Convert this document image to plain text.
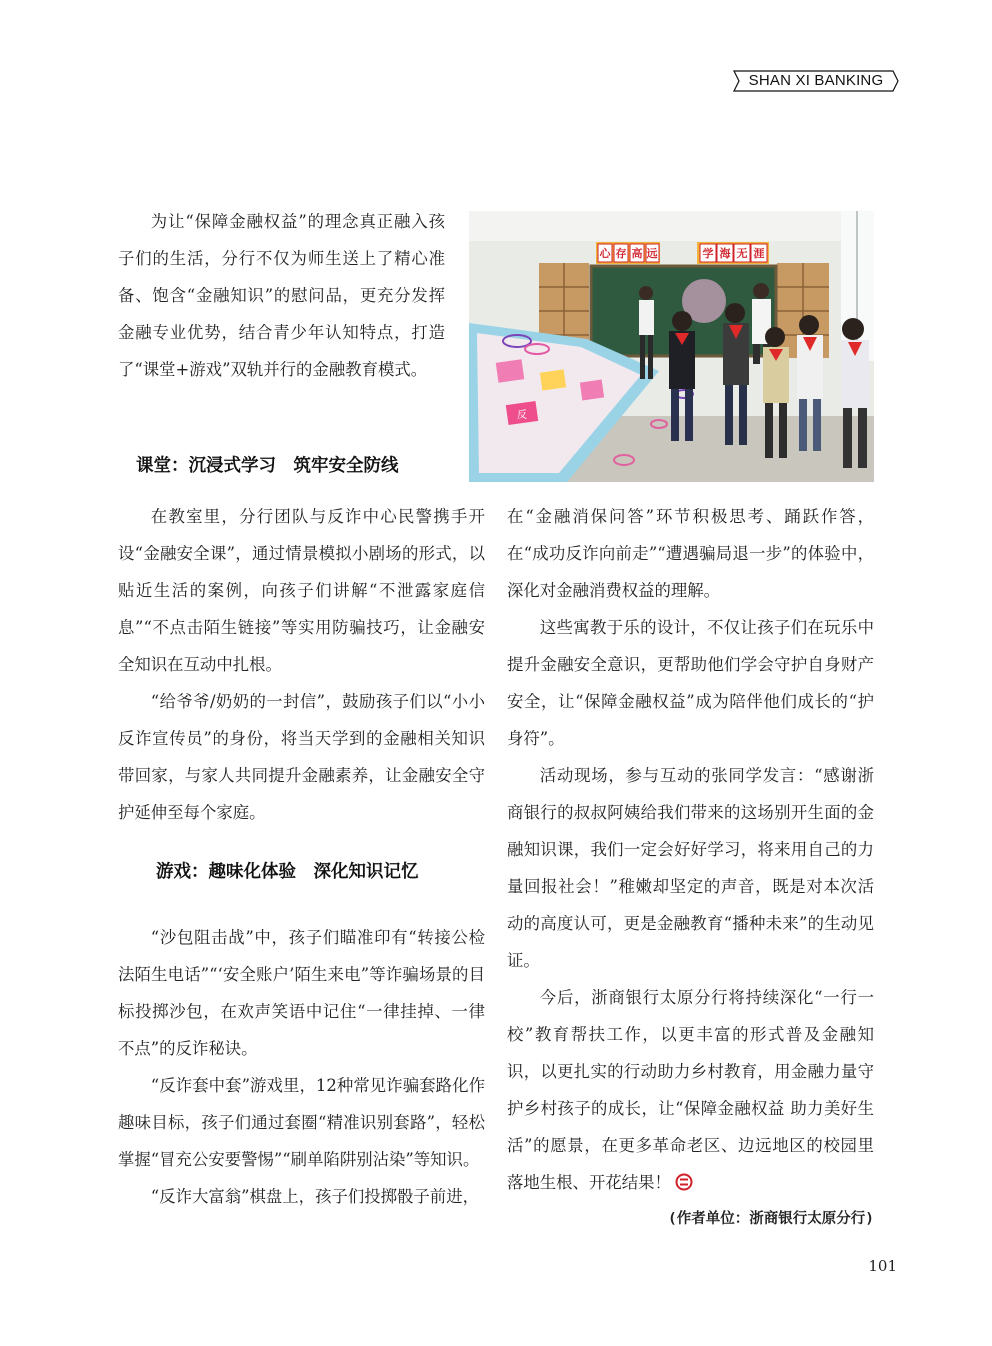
SHAN XI BANKING

为让“保障金融权益”的理念真正融入孩子们的生活，分行不仅为师生送上了精心准备、饱含“金融知识”的慰问品，更充分发挥金融专业优势，结合青少年认知特点，打造了“课堂+游戏”双轨并行的金融教育模式。

心 存 高 远	学 海 无 涯
反
课堂：沉浸式学习　筑牢安全防线

在教室里，分行团队与反诈中心民警携手开设“金融安全课”，通过情景模拟小剧场的形式，以贴近生活的案例，向孩子们讲解“不泄露家庭信息”“不点击陌生链接”等实用防骗技巧，让金融安全知识在互动中扎根。

“给爷爷/奶奶的一封信”，鼓励孩子们以“小小反诈宣传员”的身份，将当天学到的金融相关知识带回家，与家人共同提升金融素养，让金融安全守护延伸至每个家庭。

“沙包阻击战”中，孩子们瞄准印有“转接公检法陌生电话”“‘安全账户’陌生来电”等诈骗场景的目标投掷沙包，在欢声笑语中记住“一律挂掉、一律不点”的反诈秘诀。

“反诈套中套”游戏里，12种常见诈骗套路化作趣味目标，孩子们通过套圈“精准识别套路”，轻松掌握“冒充公安要警惕”“刷单陷阱别沾染”等知识。

“反诈大富翁”棋盘上，孩子们投掷骰子前进，

游戏：趣味化体验　深化知识记忆

在“金融消保问答”环节积极思考、踊跃作答，在“成功反诈向前走”“遭遇骗局退一步”的体验中，深化对金融消费权益的理解。

这些寓教于乐的设计，不仅让孩子们在玩乐中提升金融安全意识，更帮助他们学会守护自身财产安全，让“保障金融权益”成为陪伴他们成长的“护身符”。

活动现场，参与互动的张同学发言：“感谢浙商银行的叔叔阿姨给我们带来的这场别开生面的金融知识课，我们一定会好好学习，将来用自己的力量回报社会！”稚嫩却坚定的声音，既是对本次活动的高度认可，更是金融教育“播种未来”的生动见证。

今后，浙商银行太原分行将持续深化“一行一校”教育帮扶工作，以更丰富的形式普及金融知识，以更扎实的行动助力乡村教育，用金融力量守护乡村孩子的成长，让“保障金融权益 助力美好生活”的愿景，在更多革命老区、边远地区的校园里落地生根、开花结果！

(作者单位：浙商银行太原分行)
101
